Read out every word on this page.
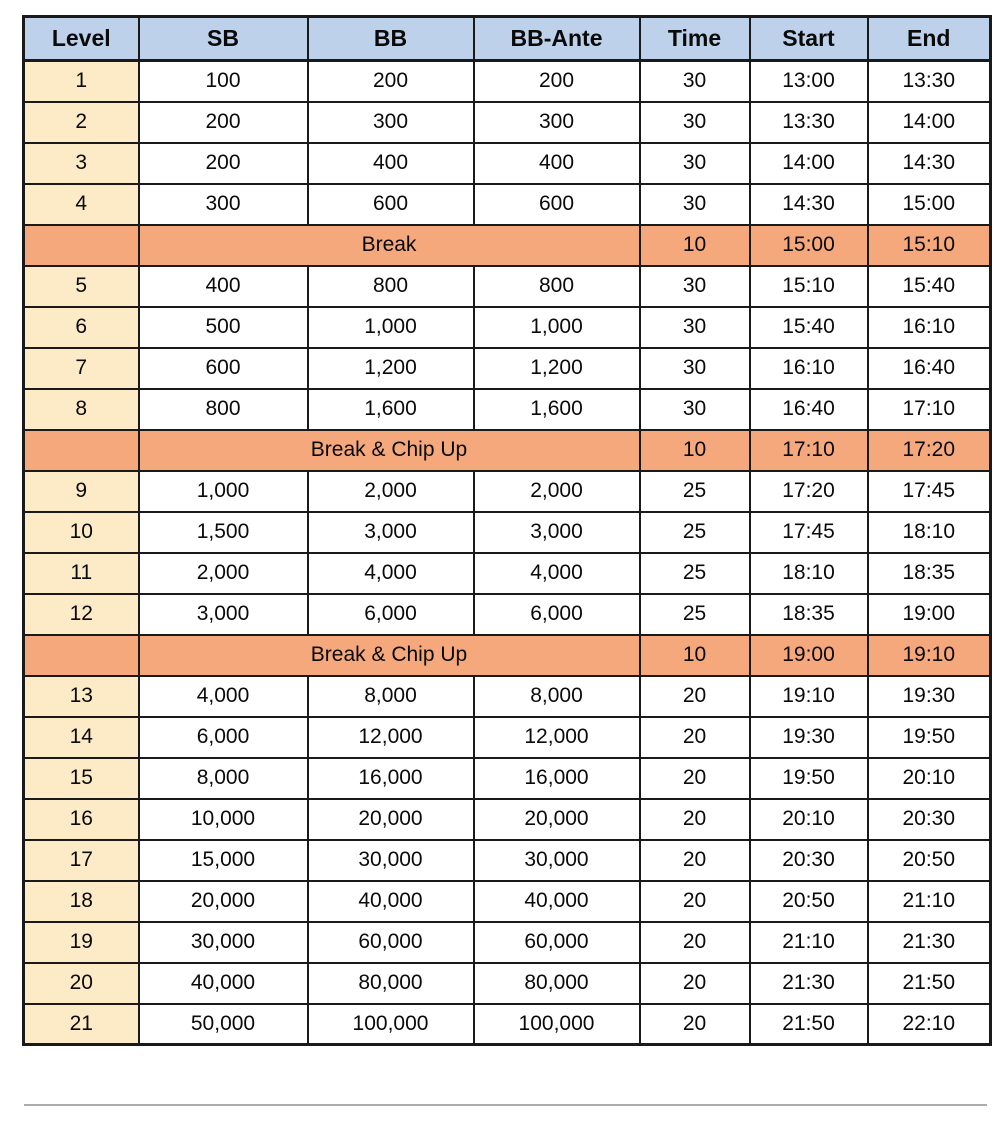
Level	SB	BB	BB-Ante	Time	Start	End
1	100	200	200	30	13:00	13:30
2	200	300	300	30	13:30	14:00
3	200	400	400	30	14:00	14:30
4	300	600	600	30	14:30	15:00
	Break			10	15:00	15:10
5	400	800	800	30	15:10	15:40
6	500	1,000	1,000	30	15:40	16:10
7	600	1,200	1,200	30	16:10	16:40
8	800	1,600	1,600	30	16:40	17:10
	Break & Chip Up			10	17:10	17:20
9	1,000	2,000	2,000	25	17:20	17:45
10	1,500	3,000	3,000	25	17:45	18:10
11	2,000	4,000	4,000	25	18:10	18:35
12	3,000	6,000	6,000	25	18:35	19:00
	Break & Chip Up			10	19:00	19:10
13	4,000	8,000	8,000	20	19:10	19:30
14	6,000	12,000	12,000	20	19:30	19:50
15	8,000	16,000	16,000	20	19:50	20:10
16	10,000	20,000	20,000	20	20:10	20:30
17	15,000	30,000	30,000	20	20:30	20:50
18	20,000	40,000	40,000	20	20:50	21:10
19	30,000	60,000	60,000	20	21:10	21:30
20	40,000	80,000	80,000	20	21:30	21:50
21	50,000	100,000	100,000	20	21:50	22:10
